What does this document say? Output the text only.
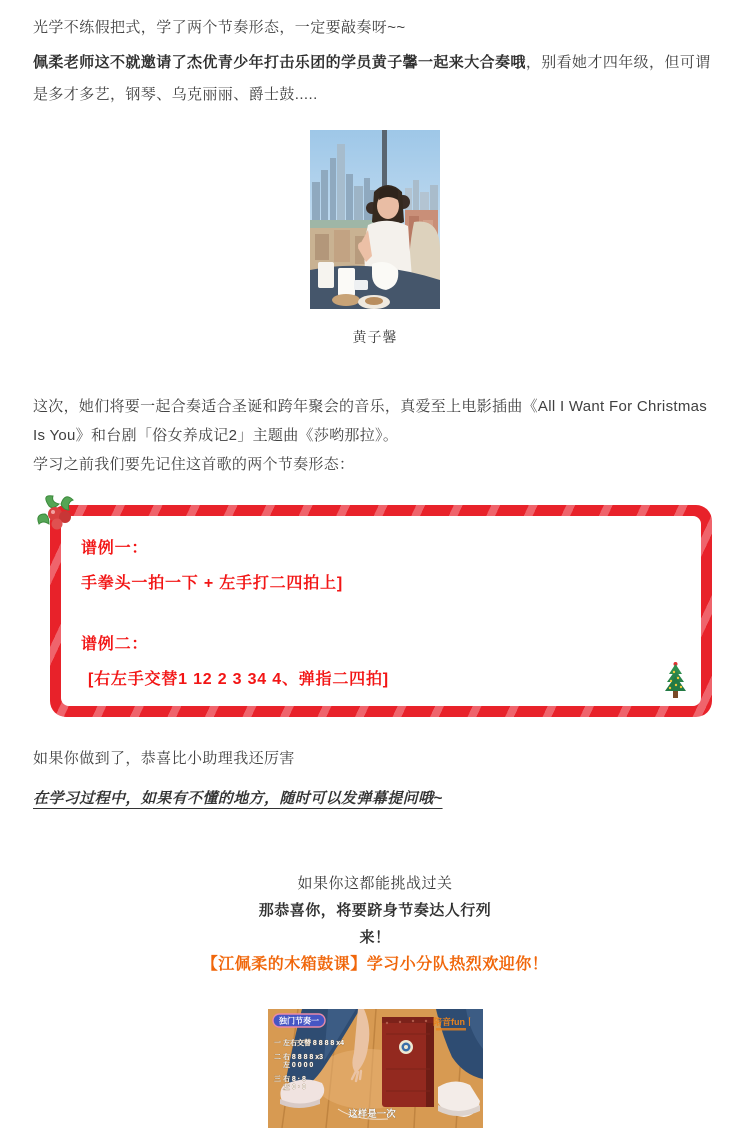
光学不练假把式，学了两个节奏形态，一定要敲奏呀~~

佩柔老师这不就邀请了杰优青少年打击乐团的学员黄子馨一起来大合奏哦，别看她才四年级，但可谓是多才多艺，钢琴、乌克丽丽、爵士鼓.....

黄子馨

这次，她们将要一起合奏适合圣诞和跨年聚会的音乐，真爱至上电影插曲《All I Want For Christmas Is You》和台剧「俗女养成记2」主题曲《莎哟那拉》。

学习之前我们要先记住这首歌的两个节奏形态：

谱例一：

手拳头一拍一下 + 左手打二四拍上]

谱例二：

[右左手交替1 12 2 3 34 4、弹指二四拍]

如果你做到了，恭喜比小助理我还厉害

在学习过程中，如果有不懂的地方，随时可以发弹幕提问哦~

如果你这都能挑战过关

那恭喜你，将要跻身节奏达人行列

来！

【江佩柔的木箱鼓课】学习小分队热烈欢迎你！

独门节奏一	陪音fun丨
一 左右交替 8 8 8 8 x4
二 右 8 8 8 8 x3
　 左 0 0 0 0
三 右 8 · 8
　 左 0 · 0
这样是一次
